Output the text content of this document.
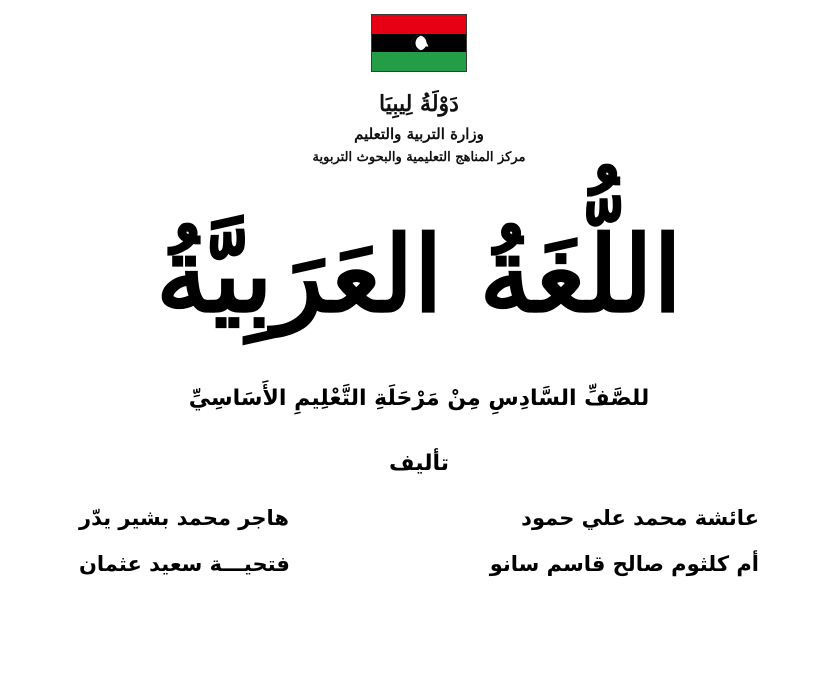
دَوْلَةُ لِيبِيَا
وزارة التربية والتعليم
مركز المناهج التعليمية والبحوث التربوية
اللُّغَةُ العَرَبِيَّةُ
للصَّفِّ السَّادِسِ مِنْ مَرْحَلَةِ التَّعْلِيمِ الأَسَاسِيِّ
تأليف
عائشة محمد علي حمود
هاجر محمد بشير يدّر
أم كلثوم صالح قاسم سانو
فتحيـــة سعيد عثمان
